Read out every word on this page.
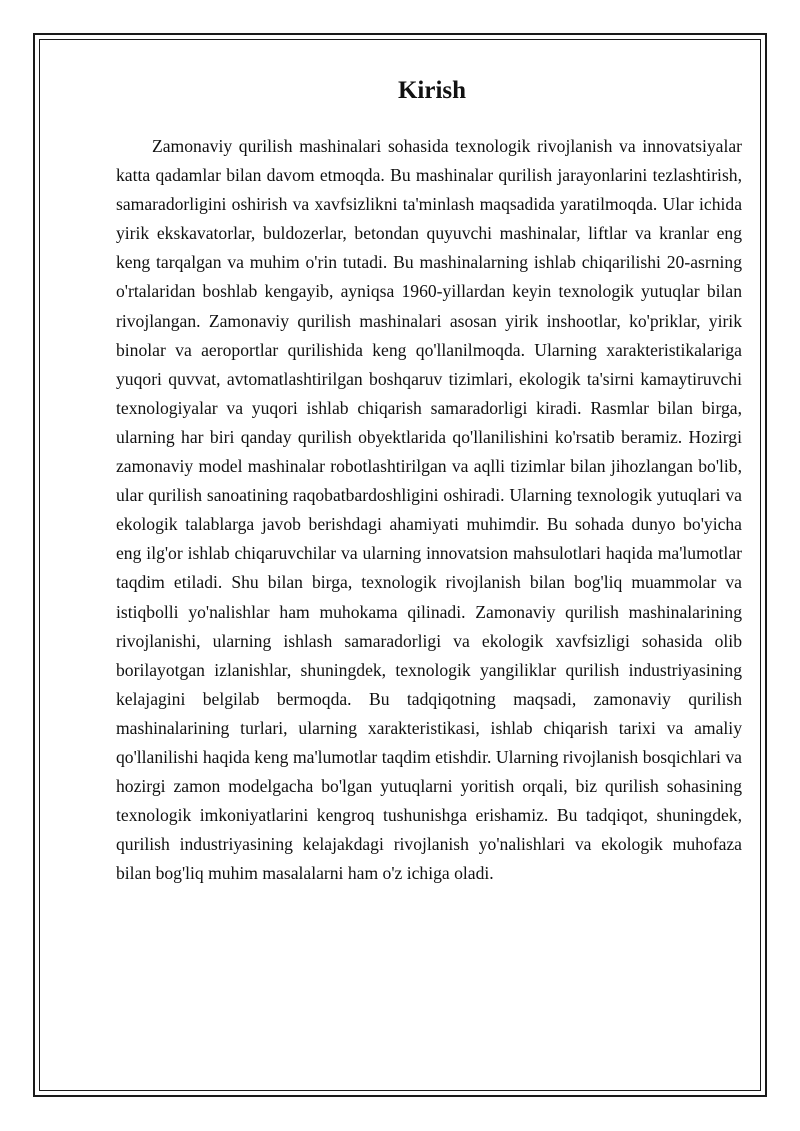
Kirish

Zamonaviy qurilish mashinalari sohasida texnologik rivojlanish va innovatsiyalar katta qadamlar bilan davom etmoqda. Bu mashinalar qurilish jarayonlarini tezlashtirish, samaradorligini oshirish va xavfsizlikni ta'minlash maqsadida yaratilmoqda. Ular ichida yirik ekskavatorlar, buldozerlar, betondan quyuvchi mashinalar, liftlar va kranlar eng keng tarqalgan va muhim o'rin tutadi. Bu mashinalarning ishlab chiqarilishi 20-asrning o'rtalaridan boshlab kengayib, ayniqsa 1960-yillardan keyin texnologik yutuqlar bilan rivojlangan. Zamonaviy qurilish mashinalari asosan yirik inshootlar, ko'priklar, yirik binolar va aeroportlar qurilishida keng qo'llanilmoqda. Ularning xarakteristikalariga yuqori quvvat, avtomatlashtirilgan boshqaruv tizimlari, ekologik ta'sirni kamaytiruvchi texnologiyalar va yuqori ishlab chiqarish samaradorligi kiradi. Rasmlar bilan birga, ularning har biri qanday qurilish obyektlarida qo'llanilishini ko'rsatib beramiz. Hozirgi zamonaviy model mashinalar robotlashtirilgan va aqlli tizimlar bilan jihozlangan bo'lib, ular qurilish sanoatining raqobatbardoshligini oshiradi. Ularning texnologik yutuqlari va ekologik talablarga javob berishdagi ahamiyati muhimdir. Bu sohada dunyo bo'yicha eng ilg'or ishlab chiqaruvchilar va ularning innovatsion mahsulotlari haqida ma'lumotlar taqdim etiladi. Shu bilan birga, texnologik rivojlanish bilan bog'liq muammolar va istiqbolli yo'nalishlar ham muhokama qilinadi. Zamonaviy qurilish mashinalarining rivojlanishi, ularning ishlash samaradorligi va ekologik xavfsizligi sohasida olib borilayotgan izlanishlar, shuningdek, texnologik yangiliklar qurilish industriyasining kelajagini belgilab bermoqda. Bu tadqiqotning maqsadi, zamonaviy qurilish mashinalarining turlari, ularning xarakteristikasi, ishlab chiqarish tarixi va amaliy qo'llanilishi haqida keng ma'lumotlar taqdim etishdir. Ularning rivojlanish bosqichlari va hozirgi zamon modelgacha bo'lgan yutuqlarni yoritish orqali, biz qurilish sohasining texnologik imkoniyatlarini kengroq tushunishga erishamiz. Bu tadqiqot, shuningdek, qurilish industriyasining kelajakdagi rivojlanish yo'nalishlari va ekologik muhofaza bilan bog'liq muhim masalalarni ham o'z ichiga oladi.
